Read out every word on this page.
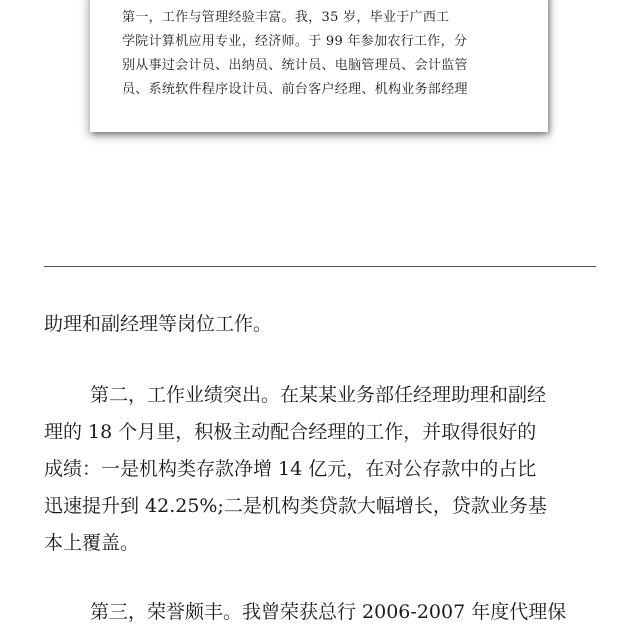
第一，工作与管理经验丰富。我，35 岁，毕业于广西工
学院计算机应用专业，经济师。于 99 年参加农行工作，分
别从事过会计员、出纳员、统计员、电脑管理员、会计监管
员、系统软件程序设计员、前台客户经理、机构业务部经理
助理和副经理等岗位工作。
第二，工作业绩突出。在某某业务部任经理助理和副经
理的 18 个月里，积极主动配合经理的工作，并取得很好的
成绩：一是机构类存款净增 14 亿元，在对公存款中的占比
迅速提升到 42.25%;二是机构类贷款大幅增长，贷款业务基
本上覆盖。
第三，荣誉颇丰。我曾荣获总行 2006-2007 年度代理保
